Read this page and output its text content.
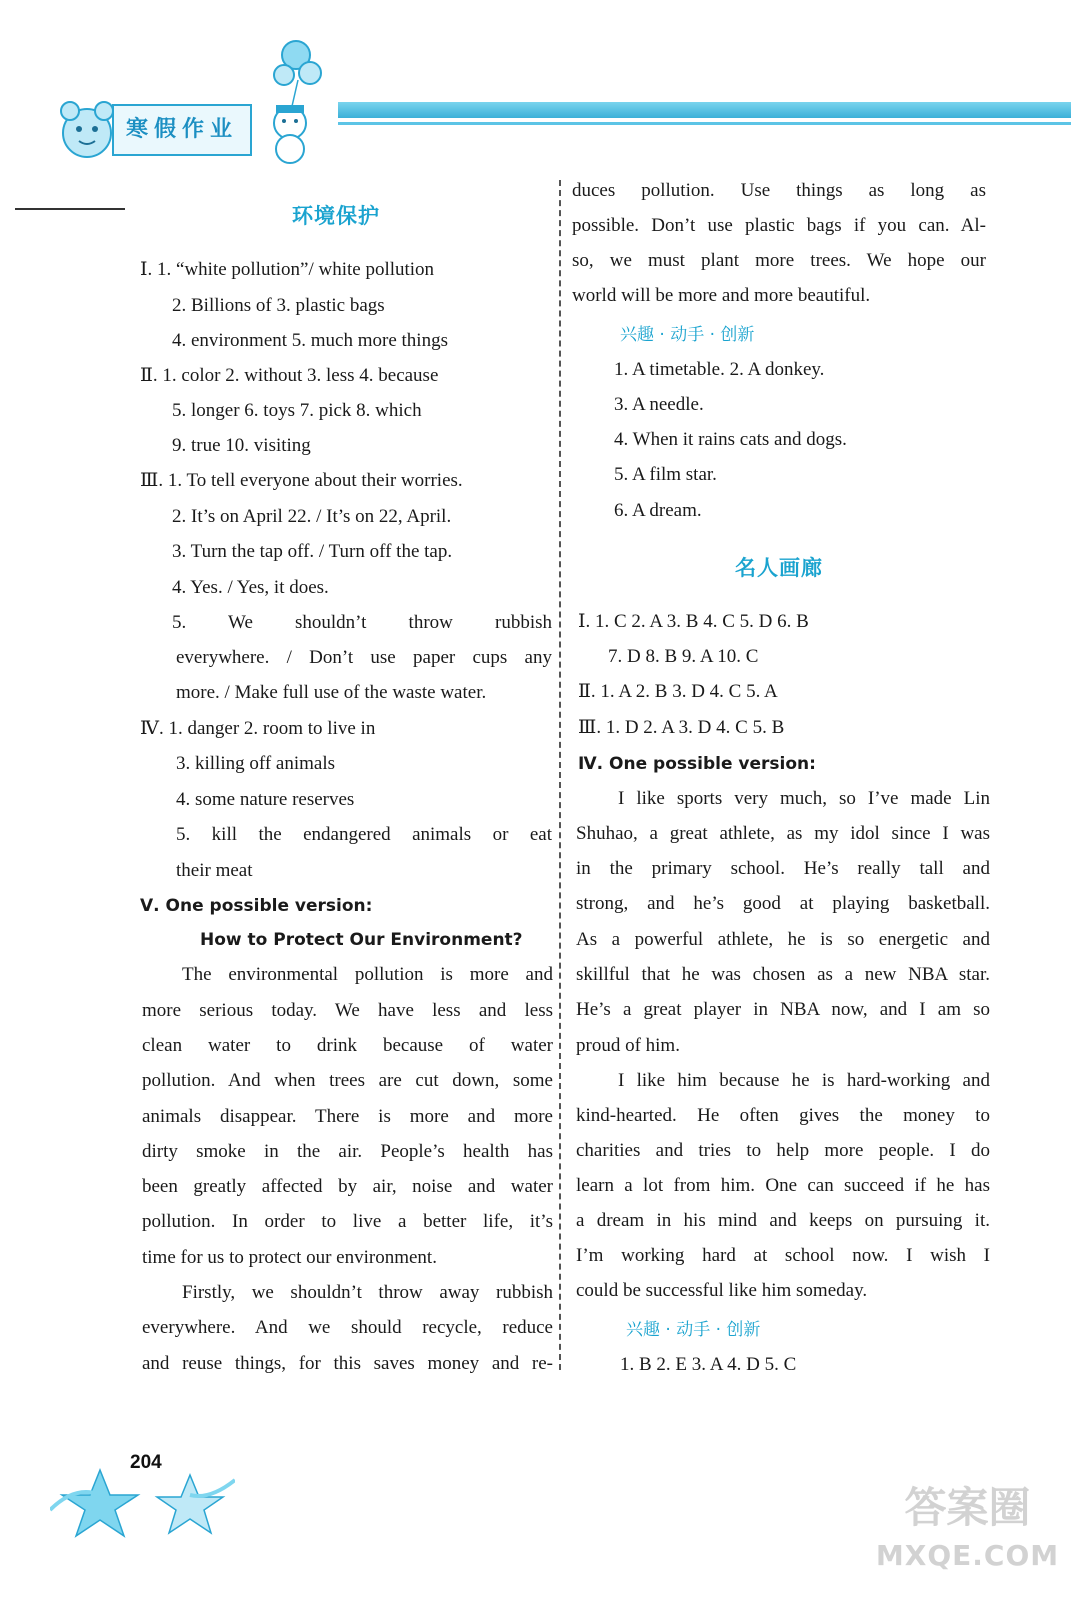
寒假作业
环境保护
Ⅰ. 1. “white pollution”/ white pollution
2. Billions of 3. plastic bags
4. environment 5. much more things
Ⅱ. 1. color 2. without 3. less 4. because
5. longer 6. toys 7. pick 8. which
9. true 10. visiting
Ⅲ. 1. To tell everyone about their worries.
2. It’s on April 22. / It’s on 22, April.
3. Turn the tap off. / Turn off the tap.
4. Yes. / Yes, it does.
5. We shouldn’t throw rubbish
everywhere. / Don’t use paper cups any
more. / Make full use of the waste water.
Ⅳ. 1. danger 2. room to live in
3. killing off animals
4. some nature reserves
5. kill the endangered animals or eat
their meat
Ⅴ. One possible version:
How to Protect Our Environment?
The environmental pollution is more and
more serious today. We have less and less
clean water to drink because of water
pollution. And when trees are cut down, some
animals disappear. There is more and more
dirty smoke in the air. People’s health has
been greatly affected by air, noise and water
pollution. In order to live a better life, it’s
time for us to protect our environment.
Firstly, we shouldn’t throw away rubbish
everywhere. And we should recycle, reduce
and reuse things, for this saves money and re-
duces pollution. Use things as long as
possible. Don’t use plastic bags if you can. Al-
so, we must plant more trees. We hope our
world will be more and more beautiful.
兴趣 · 动手 · 创新
1. A timetable. 2. A donkey.
3. A needle.
4. When it rains cats and dogs.
5. A film star.
6. A dream.
名人画廊
Ⅰ. 1. C 2. A 3. B 4. C 5. D 6. B
7. D 8. B 9. A 10. C
Ⅱ. 1. A 2. B 3. D 4. C 5. A
Ⅲ. 1. D 2. A 3. D 4. C 5. B
Ⅳ. One possible version:
I like sports very much, so I’ve made Lin
Shuhao, a great athlete, as my idol since I was
in the primary school. He’s really tall and
strong, and he’s good at playing basketball.
As a powerful athlete, he is so energetic and
skillful that he was chosen as a new NBA star.
He’s a great player in NBA now, and I am so
proud of him.
I like him because he is hard-working and
kind-hearted. He often gives the money to
charities and tries to help more people. I do
learn a lot from him. One can succeed if he has
a dream in his mind and keeps on pursuing it.
I’m working hard at school now. I wish I
could be successful like him someday.
兴趣 · 动手 · 创新
1. B 2. E 3. A 4. D 5. C
204
答案圈
MXQE.COM
